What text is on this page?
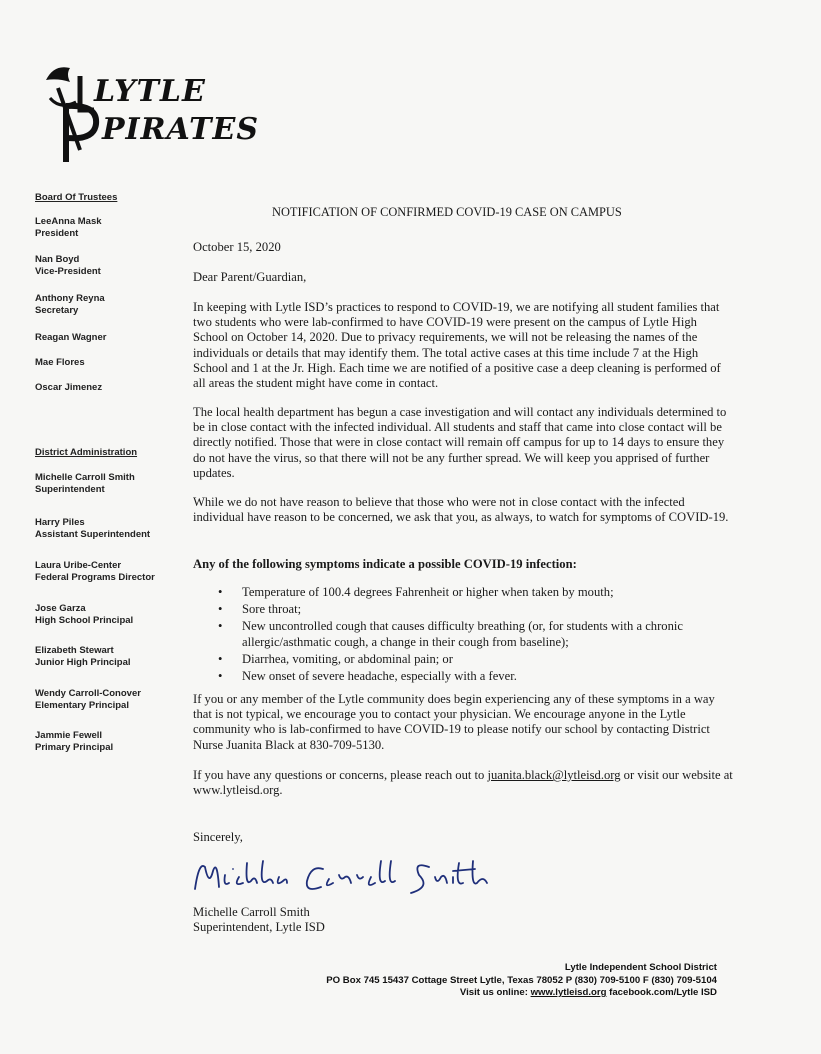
LYTLE
PIRATES
Board Of Trustees
LeeAnna Mask
President
Nan Boyd
Vice-President
Anthony Reyna
Secretary
Reagan Wagner
Mae Flores
Oscar Jimenez
District Administration
Michelle Carroll Smith
Superintendent
Harry Piles
Assistant Superintendent
Laura Uribe-Center
Federal Programs Director
Jose Garza
High School Principal
Elizabeth Stewart
Junior High Principal
Wendy Carroll-Conover
Elementary Principal
Jammie Fewell
Primary Principal
NOTIFICATION OF CONFIRMED COVID-19 CASE ON CAMPUS
October 15, 2020
Dear Parent/Guardian,
In keeping with Lytle ISD’s practices to respond to COVID-19, we are notifying all student families that two students who were lab-confirmed to have COVID-19 were present on the campus of Lytle High School on October 14, 2020. Due to privacy requirements, we will not be releasing the names of the individuals or details that may identify them. The total active cases at this time include 7 at the High School and 1 at the Jr. High. Each time we are notified of a positive case a deep cleaning is performed of all areas the student might have come in contact.
The local health department has begun a case investigation and will contact any individuals determined to be in close contact with the infected individual. All students and staff that came into close contact will be directly notified. Those that were in close contact will remain off campus for up to 14 days to ensure they do not have the virus, so that there will not be any further spread. We will keep you apprised of further updates.
While we do not have reason to believe that those who were not in close contact with the infected individual have reason to be concerned, we ask that you, as always, to watch for symptoms of COVID-19.
Any of the following symptoms indicate a possible COVID-19 infection:
• Temperature of 100.4 degrees Fahrenheit or higher when taken by mouth;
• Sore throat;
• New uncontrolled cough that causes difficulty breathing (or, for students with a chronic allergic/asthmatic cough, a change in their cough from baseline);
• Diarrhea, vomiting, or abdominal pain; or
• New onset of severe headache, especially with a fever.
If you or any member of the Lytle community does begin experiencing any of these symptoms in a way that is not typical, we encourage you to contact your physician. We encourage anyone in the Lytle community who is lab-confirmed to have COVID-19 to please notify our school by contacting District Nurse Juanita Black at 830-709-5130.
If you have any questions or concerns, please reach out to juanita.black@lytleisd.org or visit our website at www.lytleisd.org.
Sincerely,
Michelle Carroll Smith
Superintendent, Lytle ISD
Lytle Independent School District
PO Box 745 15437 Cottage Street Lytle, Texas 78052 P (830) 709-5100 F (830) 709-5104
Visit us online: www.lytleisd.org facebook.com/Lytle ISD
